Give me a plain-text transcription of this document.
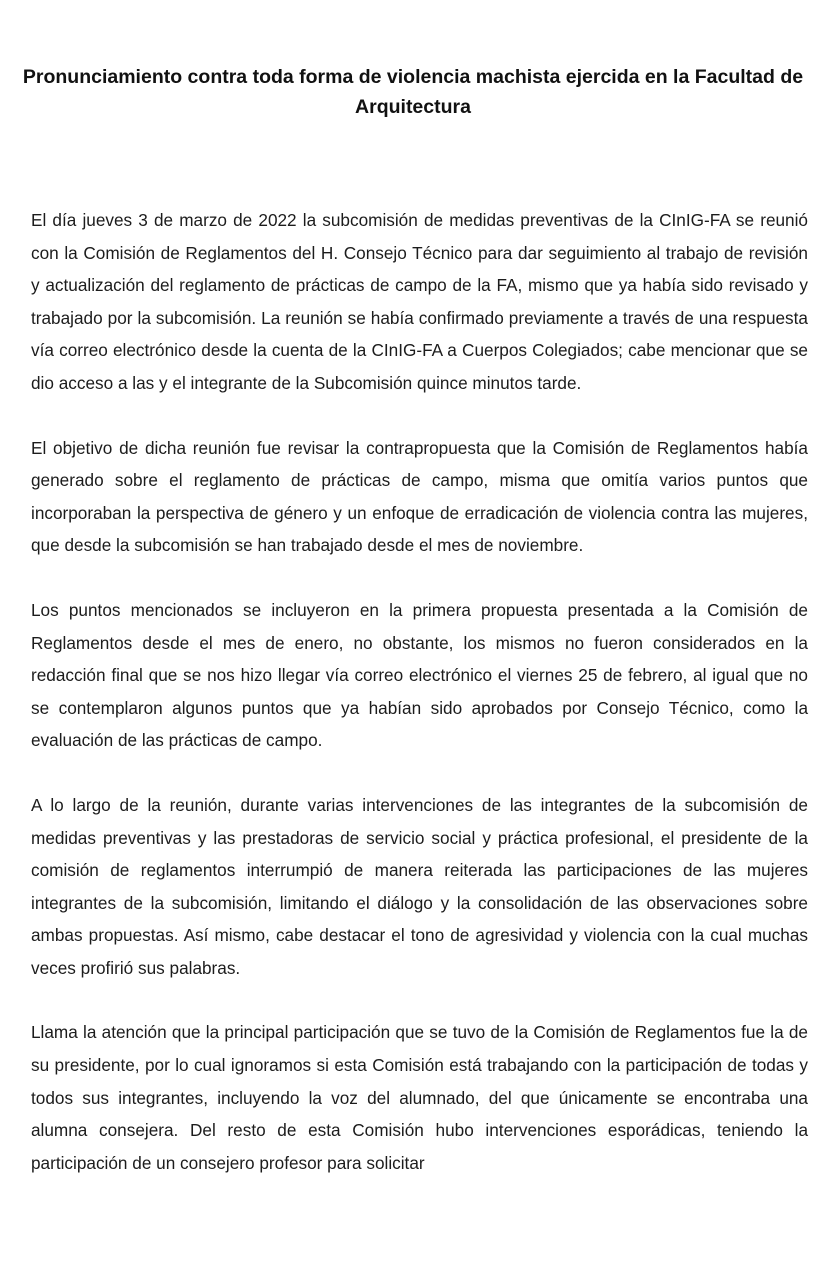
Pronunciamiento contra toda forma de violencia machista ejercida en la Facultad de Arquitectura

El día jueves 3 de marzo de 2022 la subcomisión de medidas preventivas de la CInIG-FA se reunió con la Comisión de Reglamentos del H. Consejo Técnico para dar seguimiento al trabajo de revisión y actualización del reglamento de prácticas de campo de la FA, mismo que ya había sido revisado y trabajado por la subcomisión. La reunión se había confirmado previamente a través de una respuesta vía correo electrónico desde la cuenta de la CInIG-FA a Cuerpos Colegiados; cabe mencionar que se dio acceso a las y el integrante de la Subcomisión quince minutos tarde.

El objetivo de dicha reunión fue revisar la contrapropuesta que la Comisión de Reglamentos había generado sobre el reglamento de prácticas de campo, misma que omitía varios puntos que incorporaban la perspectiva de género y un enfoque de erradicación de violencia contra las mujeres, que desde la subcomisión se han trabajado desde el mes de noviembre.

Los puntos mencionados se incluyeron en la primera propuesta presentada a la Comisión de Reglamentos desde el mes de enero, no obstante, los mismos no fueron considerados en la redacción final que se nos hizo llegar vía correo electrónico el viernes 25 de febrero, al igual que no se contemplaron algunos puntos que ya habían sido aprobados por Consejo Técnico, como la evaluación de las prácticas de campo.

A lo largo de la reunión, durante varias intervenciones de las integrantes de la subcomisión de medidas preventivas y las prestadoras de servicio social y práctica profesional, el presidente de la comisión de reglamentos interrumpió de manera reiterada las participaciones de las mujeres integrantes de la subcomisión, limitando el diálogo y la consolidación de las observaciones sobre ambas propuestas. Así mismo, cabe destacar el tono de agresividad y violencia con la cual muchas veces profirió sus palabras.

Llama la atención que la principal participación que se tuvo de la Comisión de Reglamentos fue la de su presidente, por lo cual ignoramos si esta Comisión está trabajando con la participación de todas y todos sus integrantes, incluyendo la voz del alumnado, del que únicamente se encontraba una alumna consejera. Del resto de esta Comisión hubo intervenciones esporádicas, teniendo la participación de un consejero profesor para solicitar
